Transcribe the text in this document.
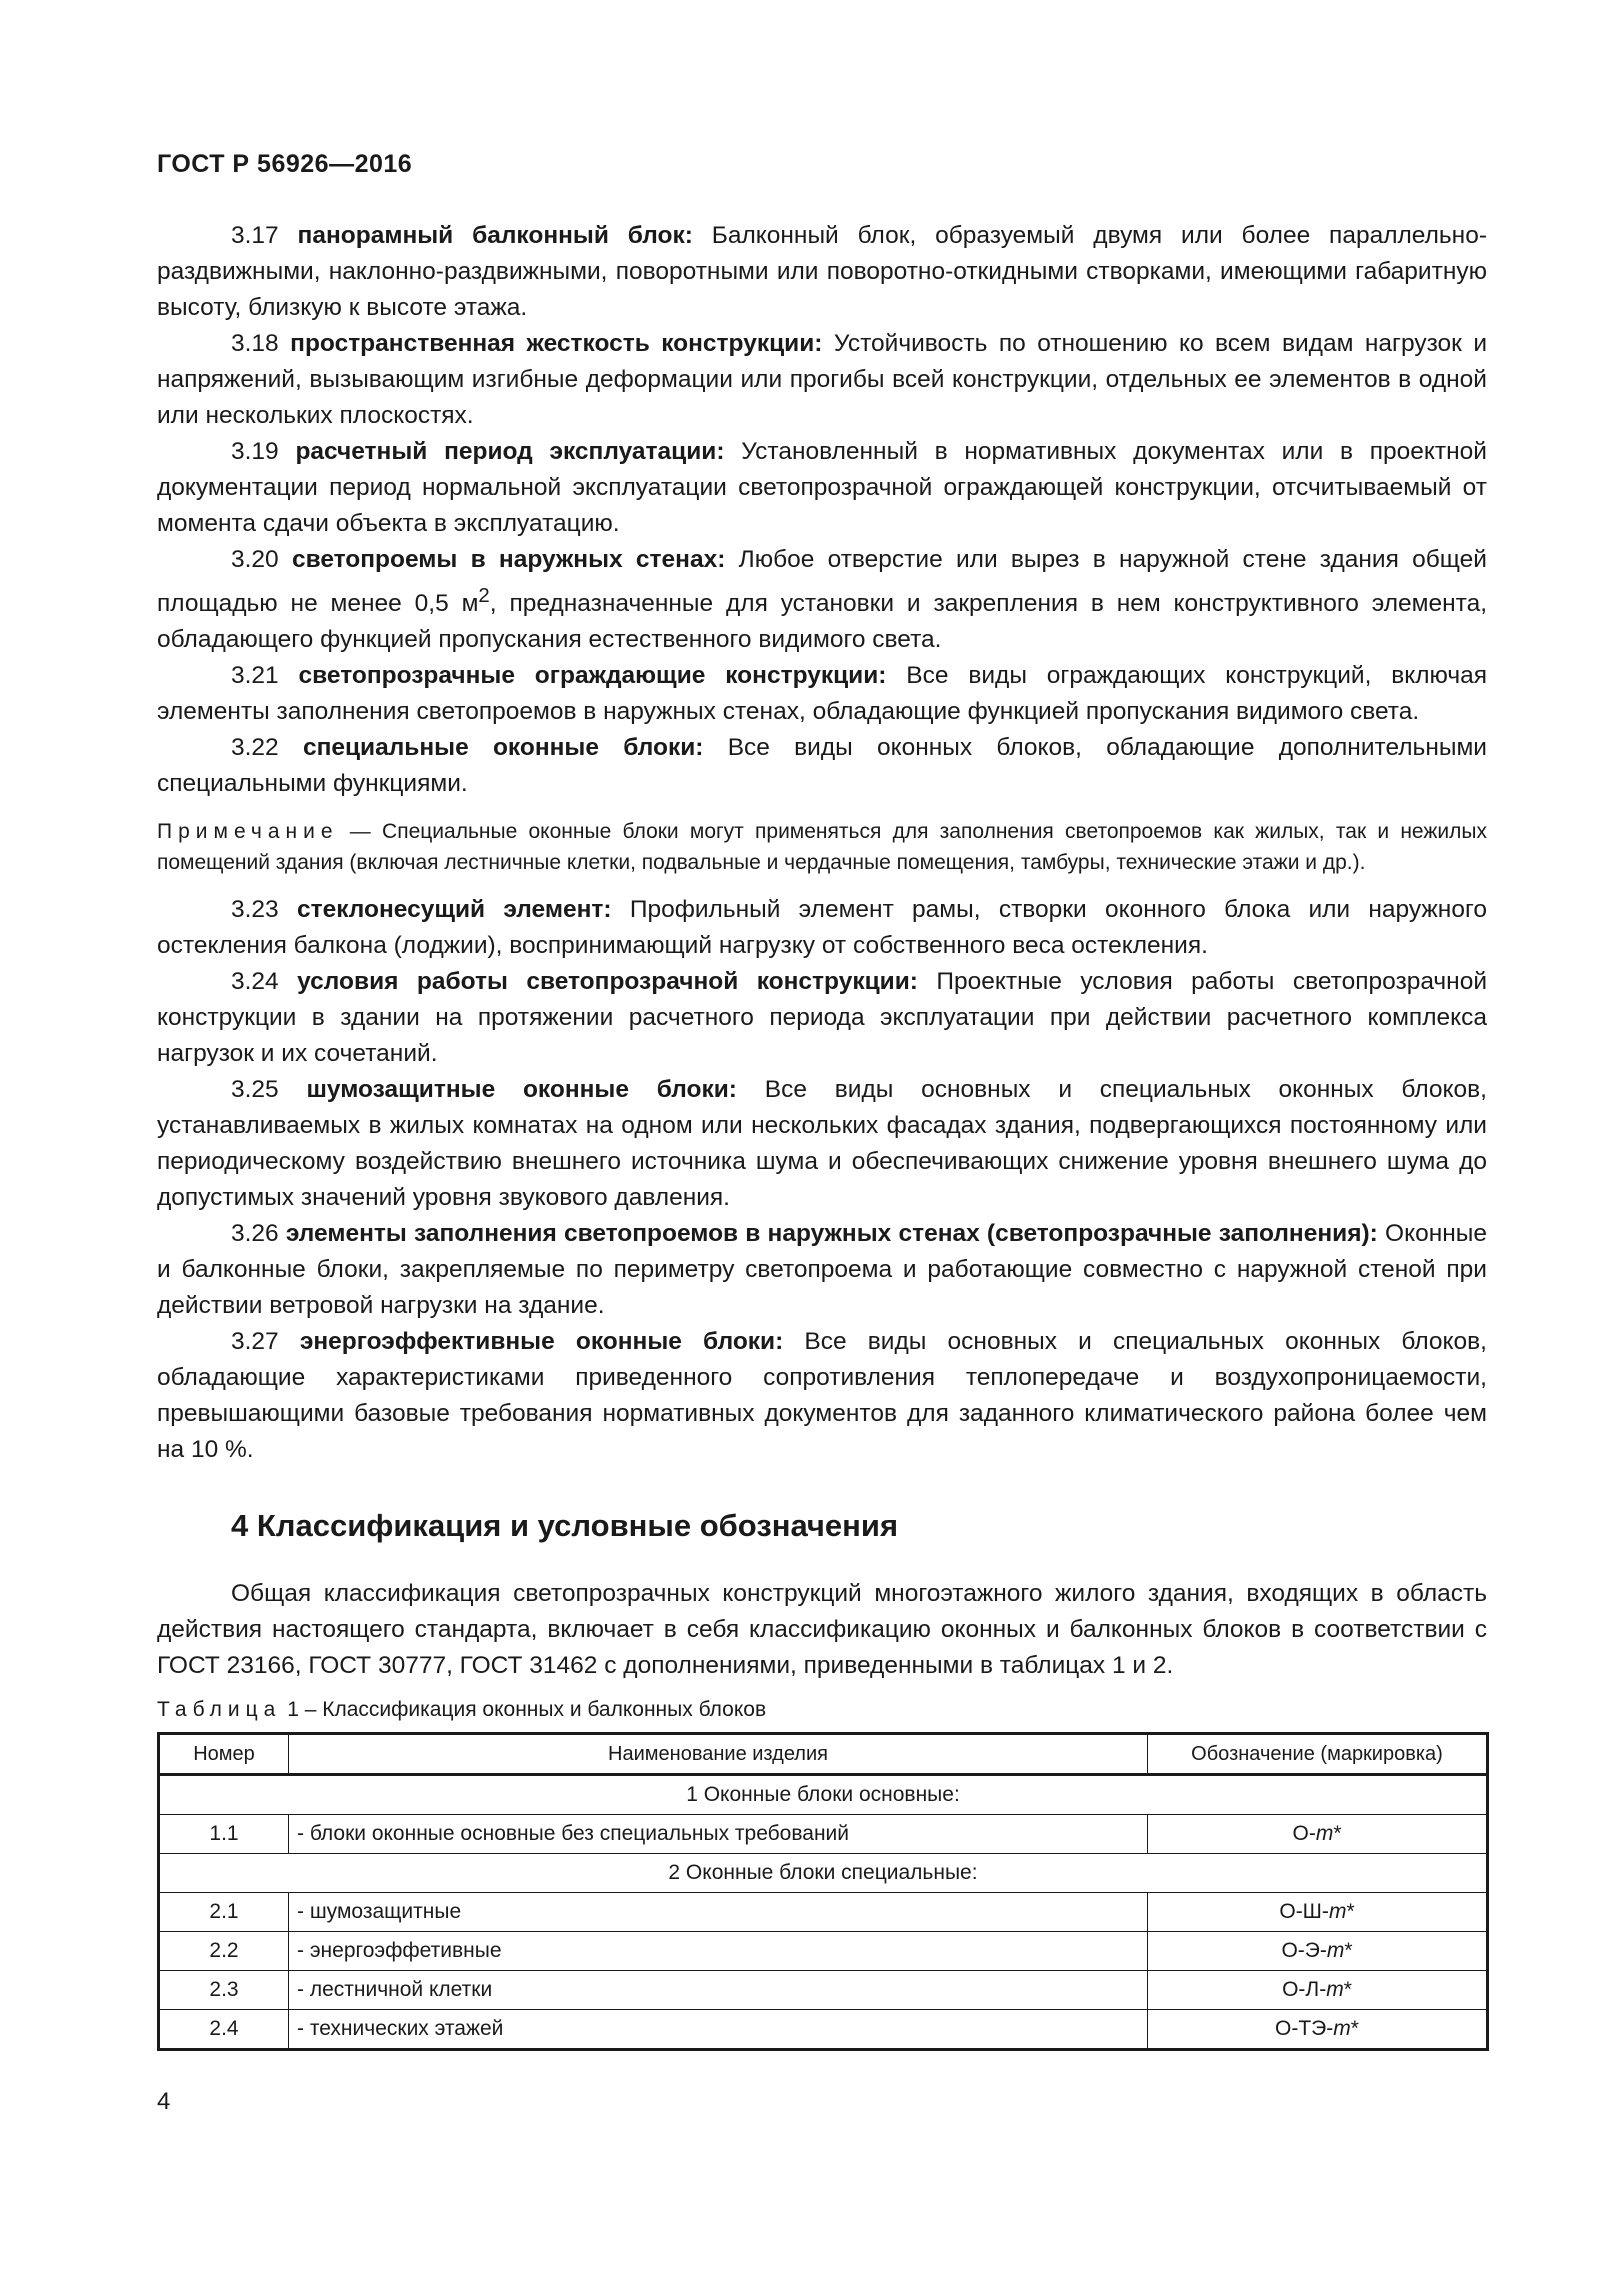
ГОСТ Р 56926—2016

3.17 панорамный балконный блок: Балконный блок, образуемый двумя или более параллельно-раздвижными, наклонно-раздвижными, поворотными или поворотно-откидными створками, имеющими габаритную высоту, близкую к высоте этажа.

3.18 пространственная жесткость конструкции: Устойчивость по отношению ко всем видам нагрузок и напряжений, вызывающим изгибные деформации или прогибы всей конструкции, отдельных ее элементов в одной или нескольких плоскостях.

3.19 расчетный период эксплуатации: Установленный в нормативных документах или в проектной документации период нормальной эксплуатации светопрозрачной ограждающей конструкции, отсчитываемый от момента сдачи объекта в эксплуатацию.

3.20 светопроемы в наружных стенах: Любое отверстие или вырез в наружной стене здания общей площадью не менее 0,5 $м^2$, предназначенные для установки и закрепления в нем конструктивного элемента, обладающего функцией пропускания естественного видимого света.

3.21 светопрозрачные ограждающие конструкции: Все виды ограждающих конструкций, включая элементы заполнения светопроемов в наружных стенах, обладающие функцией пропускания видимого света.

3.22 специальные оконные блоки: Все виды оконных блоков, обладающие дополнительными специальными функциями.

Примечание — Специальные оконные блоки могут применяться для заполнения светопроемов как жилых, так и нежилых помещений здания (включая лестничные клетки, подвальные и чердачные помещения, тамбуры, технические этажи и др.).

3.23 стеклонесущий элемент: Профильный элемент рамы, створки оконного блока или наружного остекления балкона (лоджии), воспринимающий нагрузку от собственного веса остекления.

3.24 условия работы светопрозрачной конструкции: Проектные условия работы светопрозрачной конструкции в здании на протяжении расчетного периода эксплуатации при действии расчетного комплекса нагрузок и их сочетаний.

3.25 шумозащитные оконные блоки: Все виды основных и специальных оконных блоков, устанавливаемых в жилых комнатах на одном или нескольких фасадах здания, подвергающихся постоянному или периодическому воздействию внешнего источника шума и обеспечивающих снижение уровня внешнего шума до допустимых значений уровня звукового давления.

3.26 элементы заполнения светопроемов в наружных стенах (светопрозрачные заполнения): Оконные и балконные блоки, закрепляемые по периметру светопроема и работающие совместно с наружной стеной при действии ветровой нагрузки на здание.

3.27 энергоэффективные оконные блоки: Все виды основных и специальных оконных блоков, обладающие характеристиками приведенного сопротивления теплопередаче и воздухопроницаемости, превышающими базовые требования нормативных документов для заданного климатического района более чем на 10 %.

4 Классификация и условные обозначения

Общая классификация светопрозрачных конструкций многоэтажного жилого здания, входящих в область действия настоящего стандарта, включает в себя классификацию оконных и балконных блоков в соответствии с ГОСТ 23166, ГОСТ 30777, ГОСТ 31462 с дополнениями, приведенными в таблицах 1 и 2.

Таблица 1 – Классификация оконных и балконных блоков
Номер	Наименование изделия	Обозначение (маркировка)
1 Оконные блоки основные:		
1.1	- блоки оконные основные без специальных требований	О-m*
2 Оконные блоки специальные:		
2.1	- шумозащитные	О-Ш-m*
2.2	- энергоэффетивные	О-Э-m*
2.3	- лестничной клетки	О-Л-m*
2.4	- технических этажей	О-ТЭ-m*
4
